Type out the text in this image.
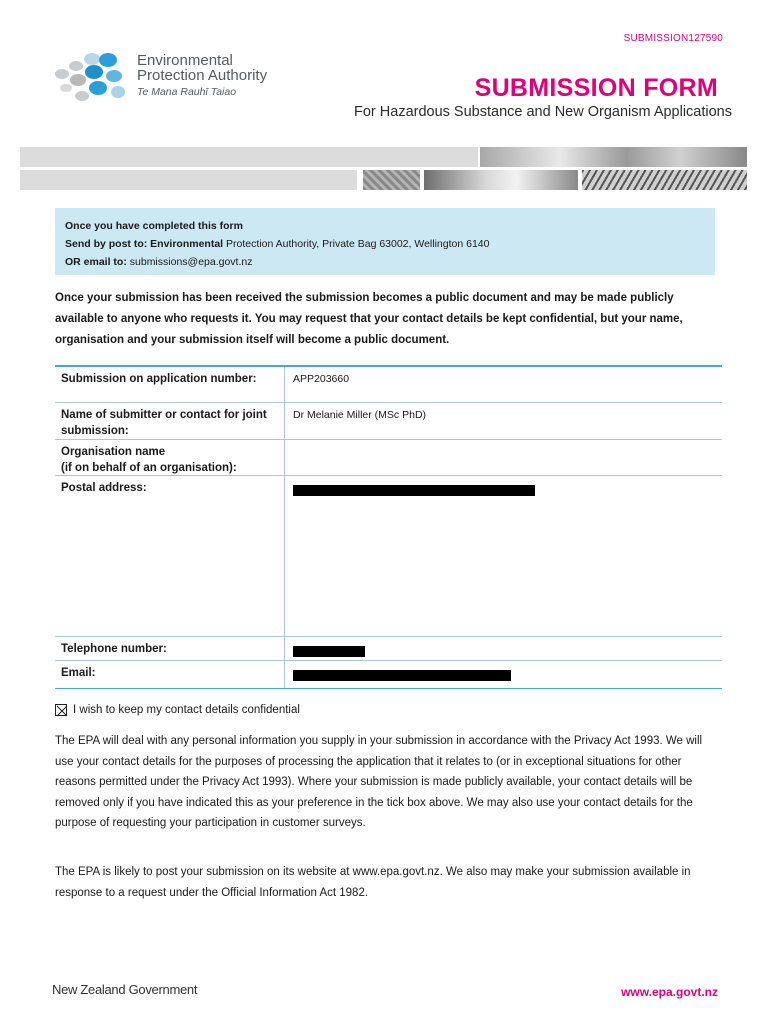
SUBMISSION127590
Environmental
Protection Authority
Te Mana Rauhī Taiao	SUBMISSION FORM
For Hazardous Substance and New Organism Applications
Once you have completed this form
Send by post to: Environmental Protection Authority, Private Bag 63002, Wellington 6140
OR email to: submissions@epa.govt.nz
Once your submission has been received the submission becomes a public document and may be made publicly available to anyone who requests it. You may request that your contact details be kept confidential, but your name, organisation and your submission itself will become a public document.
Submission on application number:	APP203660
Name of submitter or contact for joint submission:
Dr Melanie Miller (MSc PhD)
Organisation name
(if on behalf of an organisation):
Postal address:
Telephone number:
Email:
I wish to keep my contact details confidential
The EPA will deal with any personal information you supply in your submission in accordance with the Privacy Act 1993. We will use your contact details for the purposes of processing the application that it relates to (or in exceptional situations for other reasons permitted under the Privacy Act 1993). Where your submission is made publicly available, your contact details will be removed only if you have indicated this as your preference in the tick box above. We may also use your contact details for the purpose of requesting your participation in customer surveys.
The EPA is likely to post your submission on its website at www.epa.govt.nz. We also may make your submission available in response to a request under the Official Information Act 1982.
New Zealand Government	www.epa.govt.nz
